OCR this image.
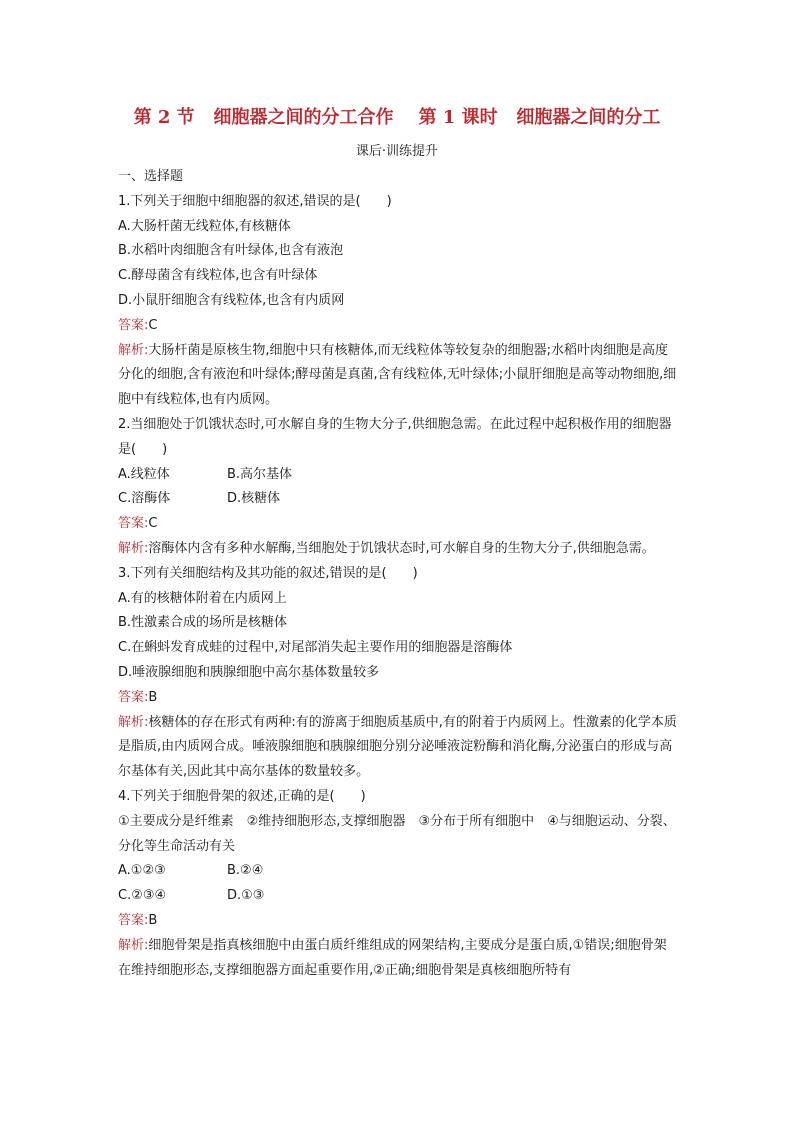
第 2 节   细胞器之间的分工合作    第 1 课时   细胞器之间的分工
课后·训练提升
一、选择题
1.下列关于细胞中细胞器的叙述,错误的是(　　)
A.大肠杆菌无线粒体,有核糖体
B.水稻叶肉细胞含有叶绿体,也含有液泡
C.酵母菌含有线粒体,也含有叶绿体
D.小鼠肝细胞含有线粒体,也含有内质网
答案:C
解析:大肠杆菌是原核生物,细胞中只有核糖体,而无线粒体等较复杂的细胞器;水稻叶肉细胞是高度分化的细胞,含有液泡和叶绿体;酵母菌是真菌,含有线粒体,无叶绿体;小鼠肝细胞是高等动物细胞,细胞中有线粒体,也有内质网。
2.当细胞处于饥饿状态时,可水解自身的生物大分子,供细胞急需。在此过程中起积极作用的细胞器是(　　)
A.线粒体	B.高尔基体
C.溶酶体	D.核糖体
答案:C
解析:溶酶体内含有多种水解酶,当细胞处于饥饿状态时,可水解自身的生物大分子,供细胞急需。
3.下列有关细胞结构及其功能的叙述,错误的是(　　)
A.有的核糖体附着在内质网上
B.性激素合成的场所是核糖体
C.在蝌蚪发育成蛙的过程中,对尾部消失起主要作用的细胞器是溶酶体
D.唾液腺细胞和胰腺细胞中高尔基体数量较多
答案:B
解析:核糖体的存在形式有两种:有的游离于细胞质基质中,有的附着于内质网上。性激素的化学本质是脂质,由内质网合成。唾液腺细胞和胰腺细胞分别分泌唾液淀粉酶和消化酶,分泌蛋白的形成与高尔基体有关,因此其中高尔基体的数量较多。
4.下列关于细胞骨架的叙述,正确的是(　　)
①主要成分是纤维素　②维持细胞形态,支撑细胞器　③分布于所有细胞中　④与细胞运动、分裂、分化等生命活动有关
A.①②③	B.②④
C.②③④	D.①③
答案:B
解析:细胞骨架是指真核细胞中由蛋白质纤维组成的网架结构,主要成分是蛋白质,①错误;细胞骨架在维持细胞形态,支撑细胞器方面起重要作用,②正确;细胞骨架是真核细胞所特有
